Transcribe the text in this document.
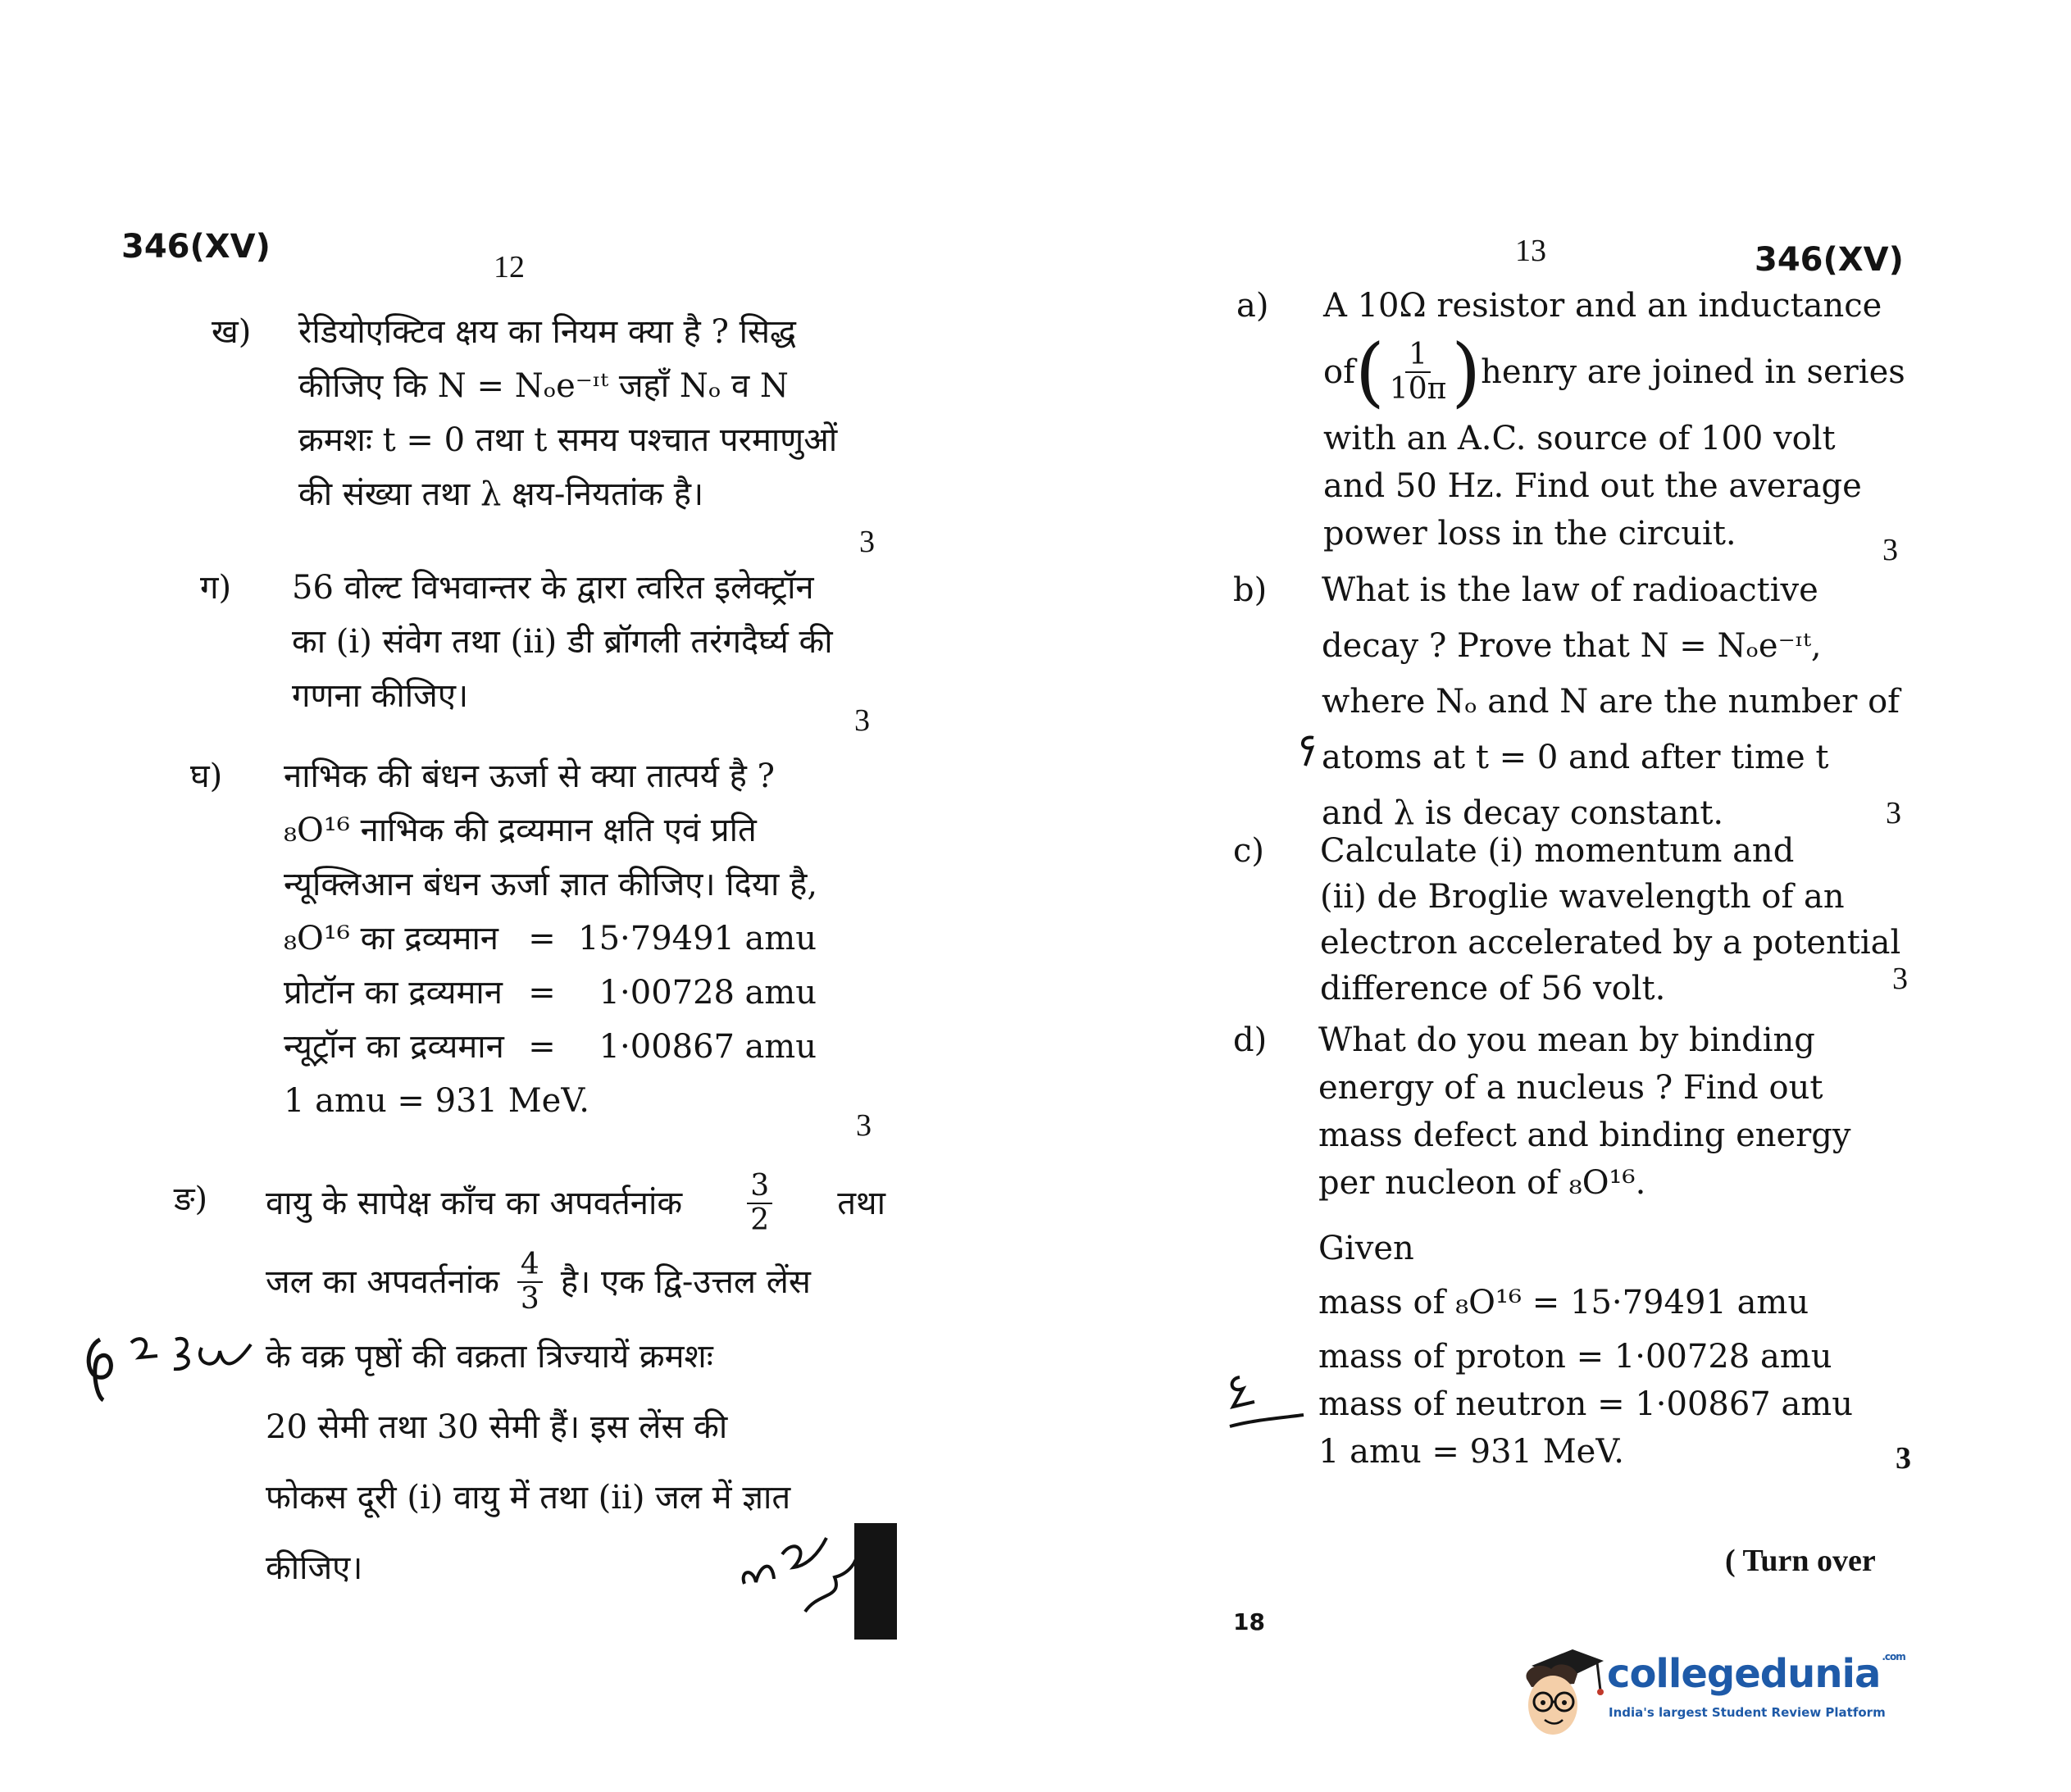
346(XV)
12
ख) रेडियोएक्टिव क्षय का नियम क्या है ? सिद्ध
कीजिए कि N = Nₒe⁻ᶦᵗ जहाँ Nₒ व N
क्रमशः t = 0 तथा t समय पश्चात परमाणुओं
की संख्या तथा λ क्षय-नियतांक है।
3
ग) 56 वोल्ट विभवान्तर के द्वारा त्वरित इलेक्ट्रॉन
का (i) संवेग तथा (ii) डी ब्रॉगली तरंगदैर्घ्य की
गणना कीजिए।
3
घ) नाभिक की बंधन ऊर्जा से क्या तात्पर्य है ?
₈O¹⁶ नाभिक की द्रव्यमान क्षति एवं प्रति
न्यूक्लिआन बंधन ऊर्जा ज्ञात कीजिए। दिया है,
₈O¹⁶ का द्रव्यमान = 15·79491 amu
प्रोटॉन का द्रव्यमान =	1·00728 amu
न्यूट्रॉन का द्रव्यमान =	1·00867 amu
1 amu = 931 MeV.
3
ङ) वायु के सापेक्ष काँच का अपवर्तनांक $\frac{3}{2}$ तथा
जल का अपवर्तनांक $\frac{4}{3}$ है। एक द्वि-उत्तल लेंस
के वक्र पृष्ठों की वक्रता त्रिज्यायें क्रमशः
20 सेमी तथा 30 सेमी हैं। इस लेंस की
फोकस दूरी (i) वायु में तथा (ii) जल में ज्ञात
कीजिए।
13	346(XV)
a) A 10Ω resistor and an inductance
of ( $\frac{1}{10\pi}$ ) henry are joined in series
with an A.C. source of 100 volt
and 50 Hz. Find out the average
power loss in the circuit.	3
b) What is the law of radioactive
decay ? Prove that N = Nₒe⁻ᶦᵗ,
where Nₒ and N are the number of
atoms at t = 0 and after time t
and λ is decay constant.	3
c) Calculate (i) momentum and
(ii) de Broglie wavelength of an
electron accelerated by a potential
difference of 56 volt.	3
d) What do you mean by binding
energy of a nucleus ? Find out
mass defect and binding energy
per nucleon of ₈O¹⁶.
Given
mass of ₈O¹⁶ = 15·79491 amu
mass of proton = 1·00728 amu
mass of neutron = 1·00867 amu
1 amu = 931 MeV.	3
( Turn over
18
collegedunia $^{.com}$
India's largest Student Review Platform
